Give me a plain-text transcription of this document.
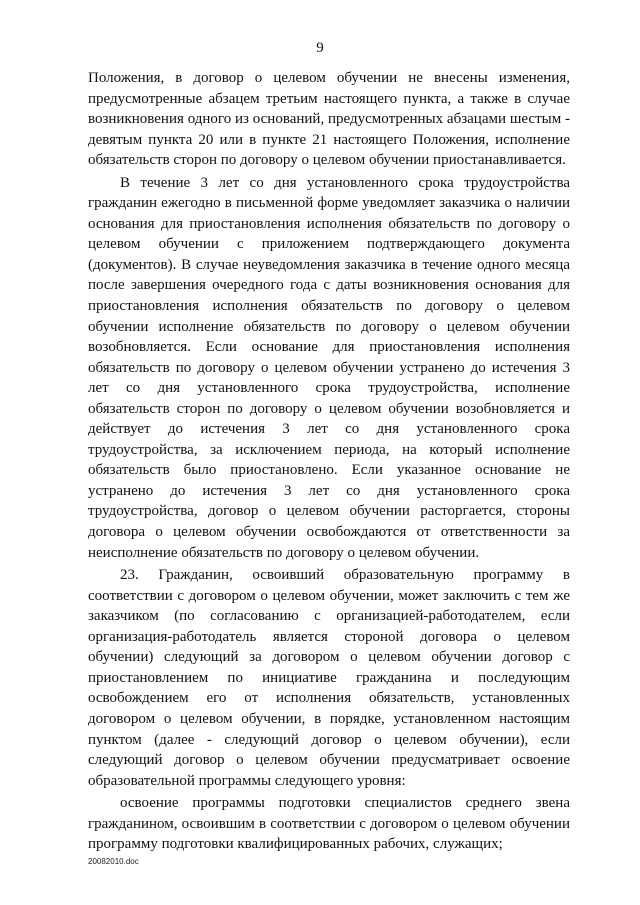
9

Положения, в договор о целевом обучении не внесены изменения, предусмотренные абзацем третьим настоящего пункта, а также в случае возникновения одного из оснований, предусмотренных абзацами шестым - девятым пункта 20 или в пункте 21 настоящего Положения, исполнение обязательств сторон по договору о целевом обучении приостанавливается.

В течение 3 лет со дня установленного срока трудоустройства гражданин ежегодно в письменной форме уведомляет заказчика о наличии основания для приостановления исполнения обязательств по договору о целевом обучении с приложением подтверждающего документа (документов). В случае неуведомления заказчика в течение одного месяца после завершения очередного года с даты возникновения основания для приостановления исполнения обязательств по договору о целевом обучении исполнение обязательств по договору о целевом обучении возобновляется. Если основание для приостановления исполнения обязательств по договору о целевом обучении устранено до истечения 3 лет со дня установленного срока трудоустройства, исполнение обязательств сторон по договору о целевом обучении возобновляется и действует до истечения 3 лет со дня установленного срока трудоустройства, за исключением периода, на который исполнение обязательств было приостановлено. Если указанное основание не устранено до истечения 3 лет со дня установленного срока трудоустройства, договор о целевом обучении расторгается, стороны договора о целевом обучении освобождаются от ответственности за неисполнение обязательств по договору о целевом обучении.

23. Гражданин, освоивший образовательную программу в соответствии с договором о целевом обучении, может заключить с тем же заказчиком (по согласованию с организацией-работодателем, если организация-работодатель является стороной договора о целевом обучении) следующий за договором о целевом обучении договор с приостановлением по инициативе гражданина и последующим освобождением его от исполнения обязательств, установленных договором о целевом обучении, в порядке, установленном настоящим пунктом (далее - следующий договор о целевом обучении), если следующий договор о целевом обучении предусматривает освоение образовательной программы следующего уровня:

освоение программы подготовки специалистов среднего звена гражданином, освоившим в соответствии с договором о целевом обучении программу подготовки квалифицированных рабочих, служащих;

20082010.doc
